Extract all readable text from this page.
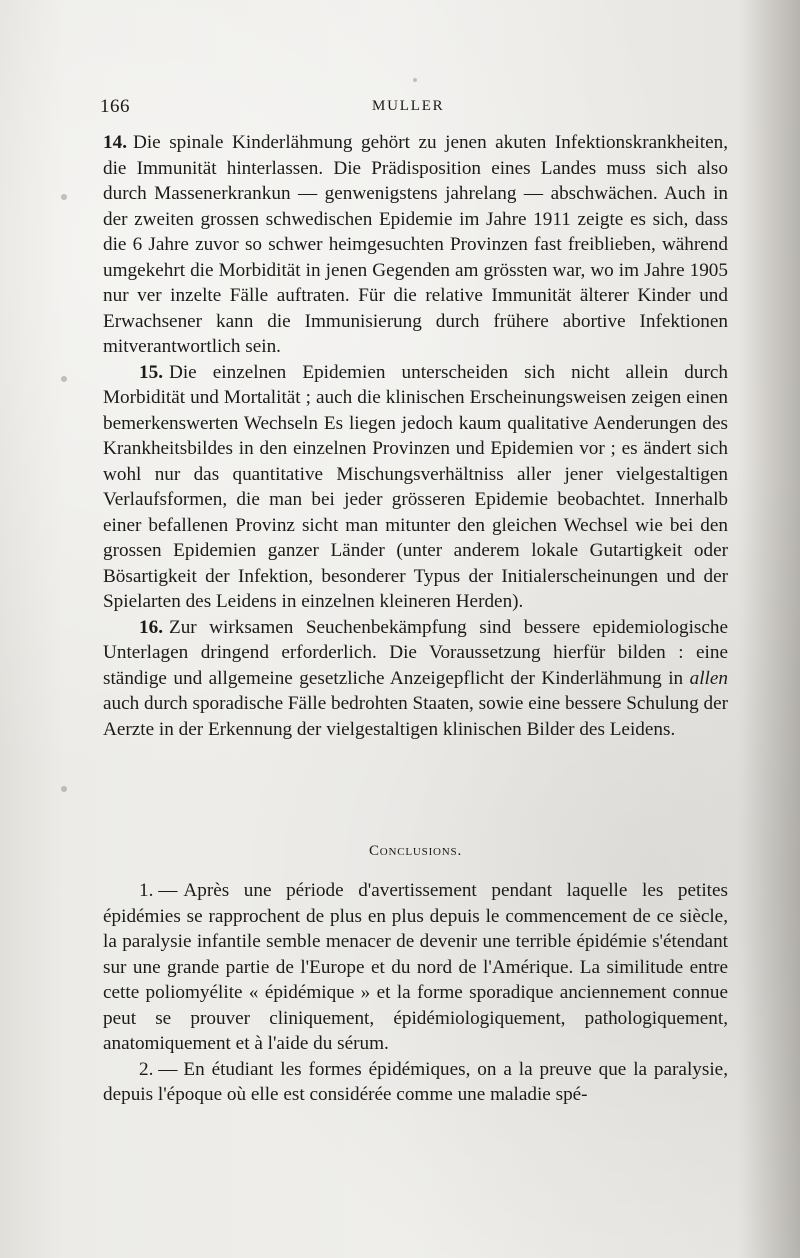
166	MULLER

14. Die spinale Kinderlähmung gehört zu jenen akuten Infektionskrankheiten, die Immunität hinterlassen. Die Prädisposition eines Landes muss sich also durch Massenerkrankun — genwenigstens jahrelang — abschwächen. Auch in der zweiten grossen schwedischen Epidemie im Jahre 1911 zeigte es sich, dass die 6 Jahre zuvor so schwer heimgesuchten Provinzen fast freiblieben, während umgekehrt die Morbidität in jenen Gegenden am grössten war, wo im Jahre 1905 nur ver inzelte Fälle auftraten. Für die relative Immunität älterer Kinder und Erwachsener kann die Immunisierung durch frühere abortive Infektionen mitverantwortlich sein.

15. Die einzelnen Epidemien unterscheiden sich nicht allein durch Morbidität und Mortalität ; auch die klinischen Erscheinungsweisen zeigen einen bemerkenswerten Wechseln Es liegen jedoch kaum qualitative Aenderungen des Krankheitsbildes in den einzelnen Provinzen und Epidemien vor ; es ändert sich wohl nur das quantitative Mischungsverhältniss aller jener vielgestaltigen Verlaufsformen, die man bei jeder grösseren Epidemie beobachtet. Innerhalb einer befallenen Provinz sicht man mitunter den gleichen Wechsel wie bei den grossen Epidemien ganzer Länder (unter anderem lokale Gutartigkeit oder Bösartigkeit der Infektion, besonderer Typus der Initialerscheinungen und der Spielarten des Leidens in einzelnen kleineren Herden).

16. Zur wirksamen Seuchenbekämpfung sind bessere epidemiologische Unterlagen dringend erforderlich. Die Voraussetzung hierfür bilden : eine ständige und allgemeine gesetzliche Anzeigepflicht der Kinderlähmung in allen auch durch sporadische Fälle bedrohten Staaten, sowie eine bessere Schulung der Aerzte in der Erkennung der vielgestaltigen klinischen Bilder des Leidens.

Conclusions.

1. — Après une période d'avertissement pendant laquelle les petites épidémies se rapprochent de plus en plus depuis le commencement de ce siècle, la paralysie infantile semble menacer de devenir une terrible épidémie s'étendant sur une grande partie de l'Europe et du nord de l'Amérique. La similitude entre cette poliomyélite « épidémique » et la forme sporadique anciennement connue peut se prouver cliniquement, épidémiologiquement, pathologiquement, anatomiquement et à l'aide du sérum.

2. — En étudiant les formes épidémiques, on a la preuve que la paralysie, depuis l'époque où elle est considérée comme une maladie spé-
